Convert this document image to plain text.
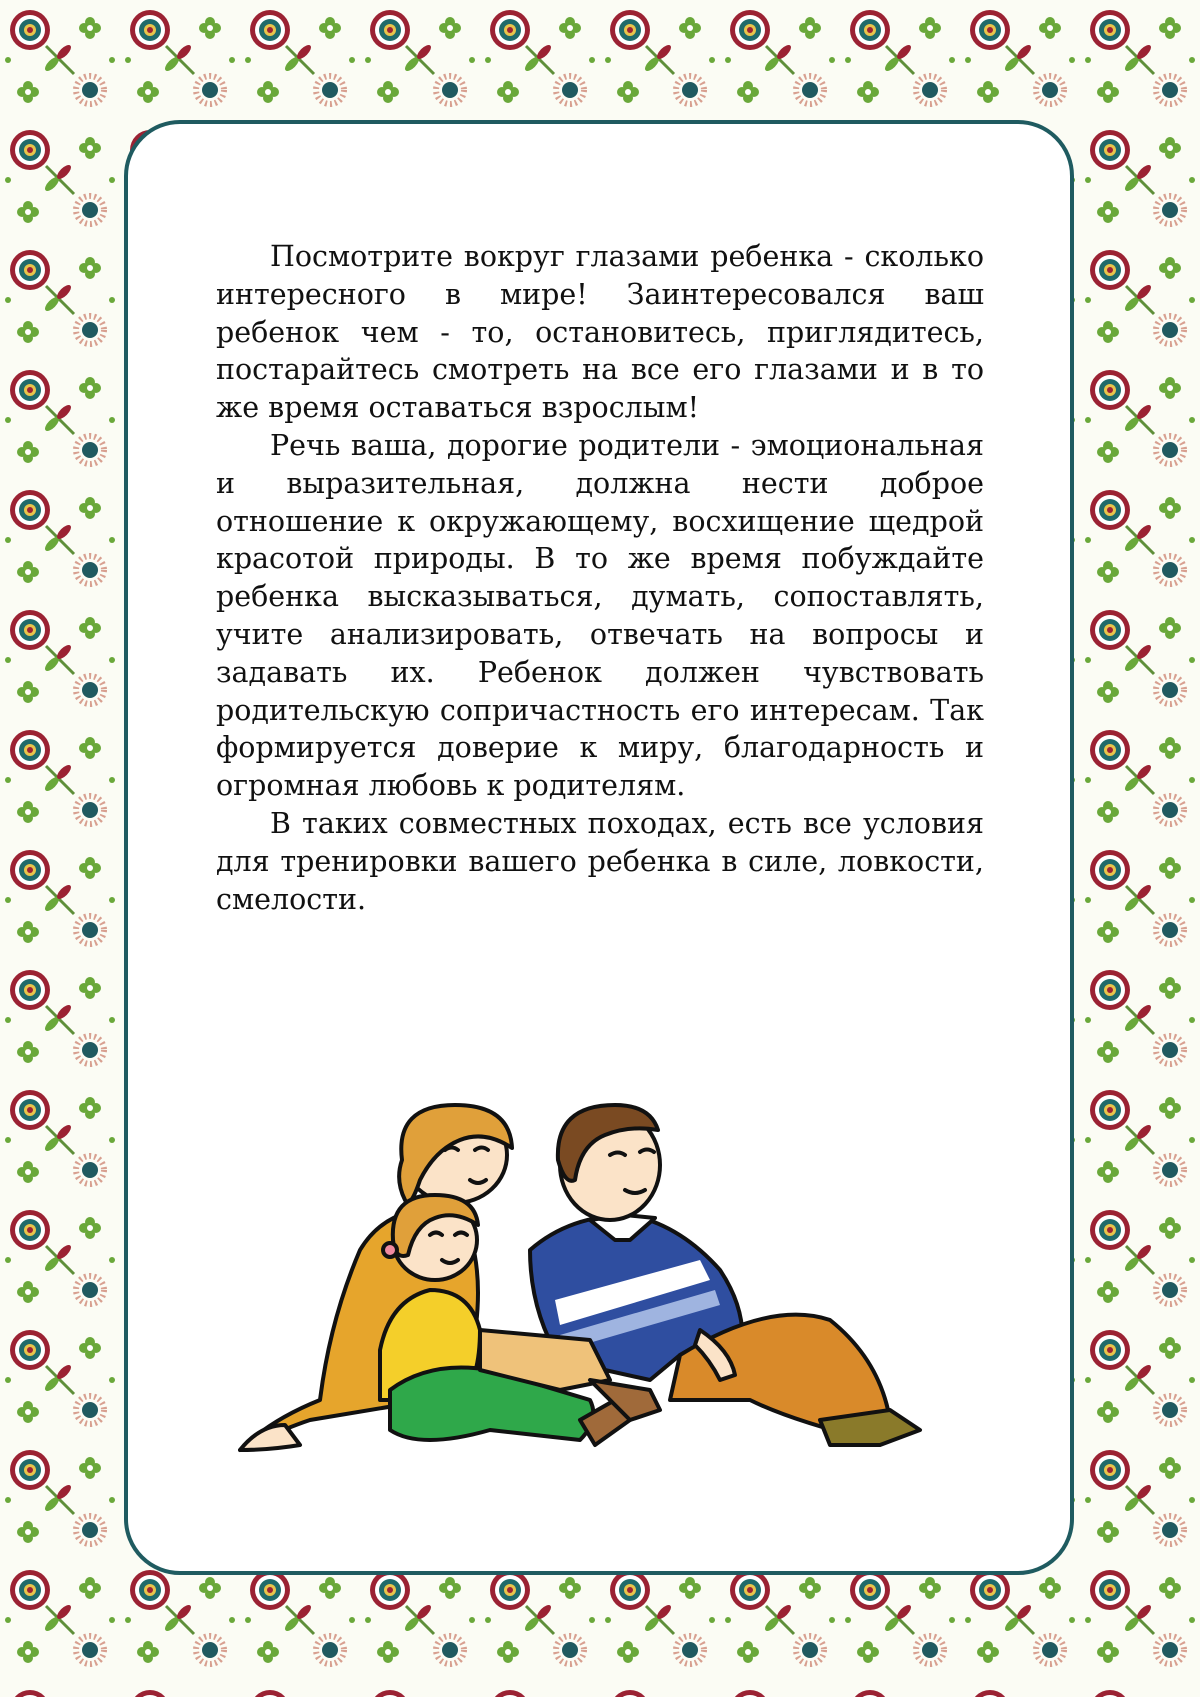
Посмотрите вокруг глазами ребенка - сколько интересного в мире! Заинтересовался ваш ребенок чем - то, остановитесь, приглядитесь, постарайтесь смотреть на все его глазами и в то же время оставаться взрослым!

Речь ваша, дорогие родители - эмоциональная и выразительная, должна нести доброе отношение к окружающему, восхищение щедрой красотой природы. В то же время побуждайте ребенка высказываться, думать, сопоставлять, учите анализировать, отвечать на вопросы и задавать их. Ребенок должен чувствовать родительскую сопричастность его интересам. Так формируется доверие к миру, благодарность и огромная любовь к родителям.

В таких совместных походах, есть все условия для тренировки вашего ребенка в силе, ловкости, смелости.
